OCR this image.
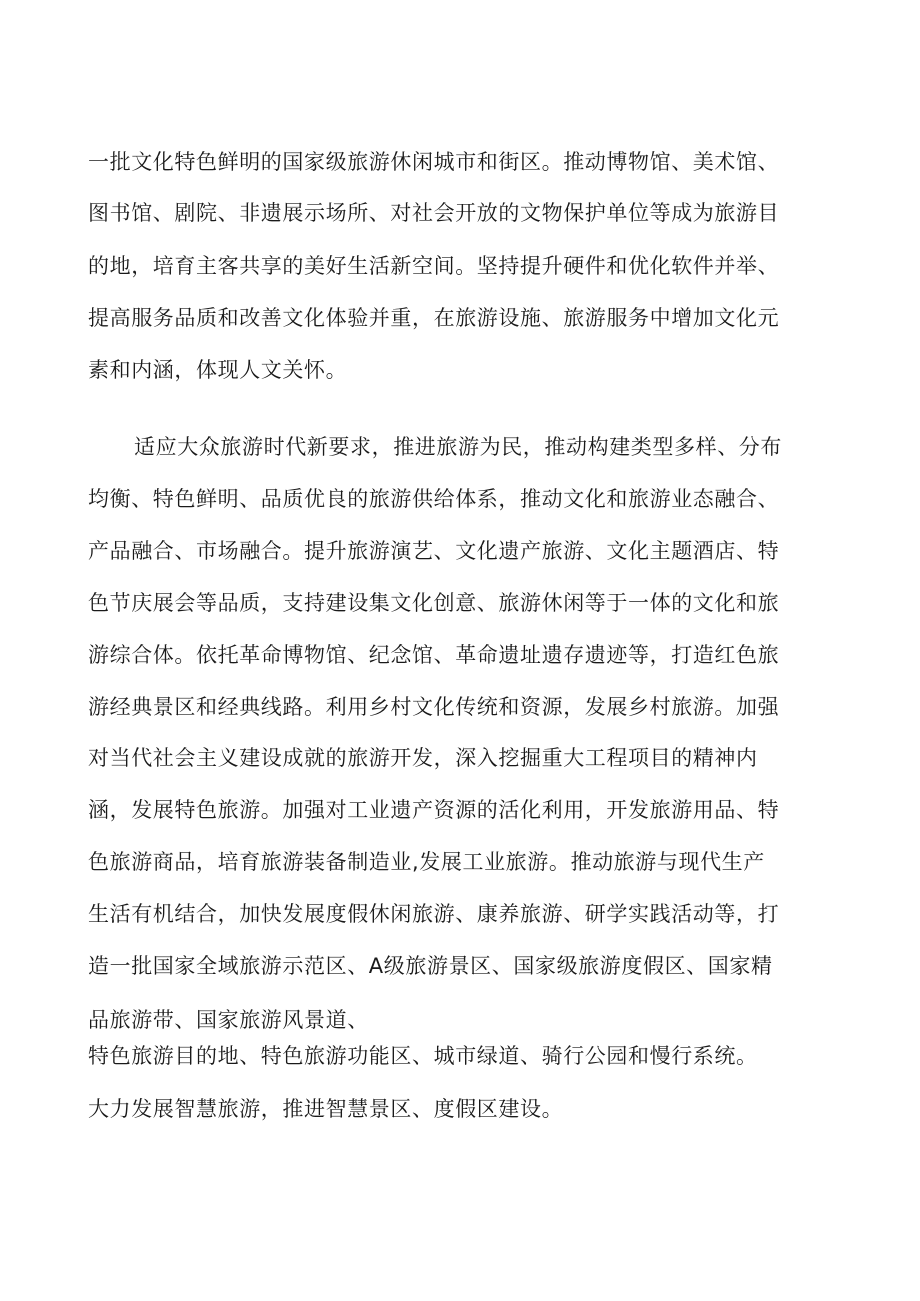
一批文化特色鲜明的国家级旅游休闲城市和街区。推动博物馆、美术馆、
图书馆、剧院、非遗展示场所、对社会开放的文物保护单位等成为旅游目
的地，培育主客共享的美好生活新空间。坚持提升硬件和优化软件并举、
提高服务品质和改善文化体验并重，在旅游设施、旅游服务中增加文化元
素和内涵，体现人文关怀。
适应大众旅游时代新要求，推进旅游为民，推动构建类型多样、分布
均衡、特色鲜明、品质优良的旅游供给体系，推动文化和旅游业态融合、
产品融合、市场融合。提升旅游演艺、文化遗产旅游、文化主题酒店、特
色节庆展会等品质，支持建设集文化创意、旅游休闲等于一体的文化和旅
游综合体。依托革命博物馆、纪念馆、革命遗址遗存遗迹等，打造红色旅
游经典景区和经典线路。利用乡村文化传统和资源，发展乡村旅游。加强
对当代社会主义建设成就的旅游开发，深入挖掘重大工程项目的精神内
涵，发展特色旅游。加强对工业遗产资源的活化利用，开发旅游用品、特
色旅游商品，培育旅游装备制造业,发展工业旅游。推动旅游与现代生产
生活有机结合，加快发展度假休闲旅游、康养旅游、研学实践活动等，打
造一批国家全域旅游示范区、A级旅游景区、国家级旅游度假区、国家精
品旅游带、国家旅游风景道、
特色旅游目的地、特色旅游功能区、城市绿道、骑行公园和慢行系统。
大力发展智慧旅游，推进智慧景区、度假区建设。
